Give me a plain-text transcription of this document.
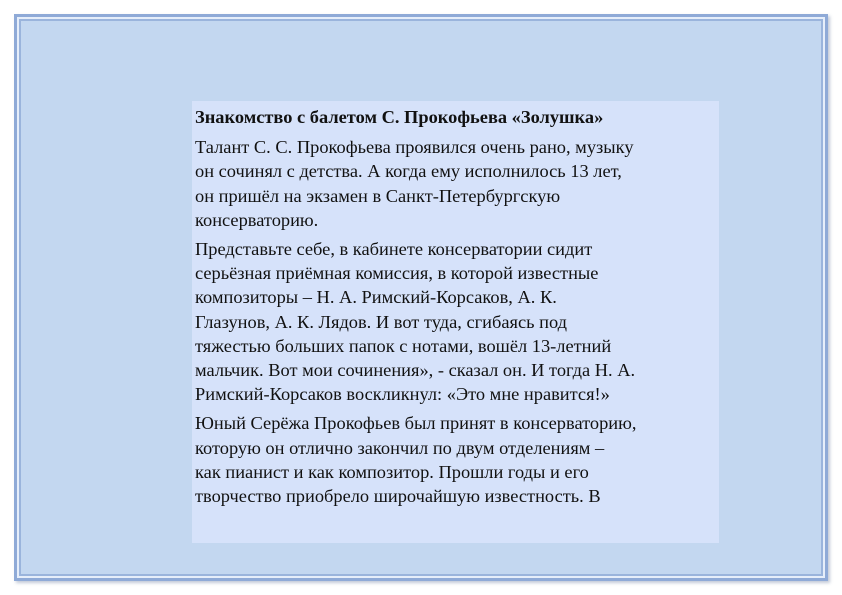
Знакомство с балетом С. Прокофьева «Золушка»
Талант С. С. Прокофьева проявился очень рано, музыку
он сочинял с детства. А когда ему исполнилось 13 лет,
он пришёл на экзамен в Санкт-Петербургскую
консерваторию.
Представьте себе, в кабинете консерватории сидит
серьёзная приёмная комиссия, в которой известные
композиторы – Н. А. Римский-Корсаков, А. К.
Глазунов, А. К. Лядов. И вот туда, сгибаясь под
тяжестью больших папок с нотами, вошёл 13-летний
мальчик. Вот мои сочинения», - сказал он. И тогда Н. А.
Римский-Корсаков воскликнул: «Это мне нравится!»
Юный Серёжа Прокофьев был принят в консерваторию,
которую он отлично закончил по двум отделениям –
как пианист и как композитор. Прошли годы и его
творчество приобрело широчайшую известность. В
